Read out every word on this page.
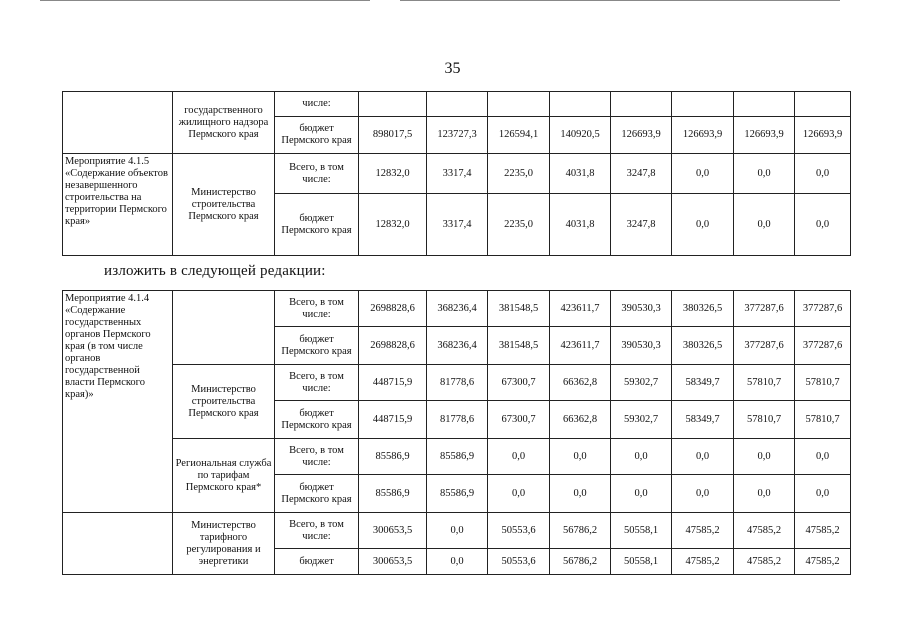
35
	государственного жилищного надзора Пермского края	числе:								
		бюджет Пермского края	898017,5	123727,3	126594,1	140920,5	126693,9	126693,9	126693,9	126693,9
Мероприятие 4.1.5 «Содержание объектов незавершенного строительства на территории Пермского края»	Министерство строительства Пермского края	Всего, в том числе:	12832,0	3317,4	2235,0	4031,8	3247,8	0,0	0,0	0,0
		бюджет Пермского края	12832,0	3317,4	2235,0	4031,8	3247,8	0,0	0,0	0,0
изложить в следующей редакции:
Мероприятие 4.1.4 «Содержание государственных органов Пермского края (в том числе органов государственной власти Пермского края)»		Всего, в том числе:	2698828,6	368236,4	381548,5	423611,7	390530,3	380326,5	377287,6	377287,6
		бюджет Пермского края	2698828,6	368236,4	381548,5	423611,7	390530,3	380326,5	377287,6	377287,6
	Министерство строительства Пермского края	Всего, в том числе:	448715,9	81778,6	67300,7	66362,8	59302,7	58349,7	57810,7	57810,7
		бюджет Пермского края	448715,9	81778,6	67300,7	66362,8	59302,7	58349,7	57810,7	57810,7
	Региональная служба по тарифам Пермского края*	Всего, в том числе:	85586,9	85586,9	0,0	0,0	0,0	0,0	0,0	0,0
		бюджет Пермского края	85586,9	85586,9	0,0	0,0	0,0	0,0	0,0	0,0
	Министерство тарифного регулирования и энергетики	Всего, в том числе:	300653,5	0,0	50553,6	56786,2	50558,1	47585,2	47585,2	47585,2
		бюджет	300653,5	0,0	50553,6	56786,2	50558,1	47585,2	47585,2	47585,2
